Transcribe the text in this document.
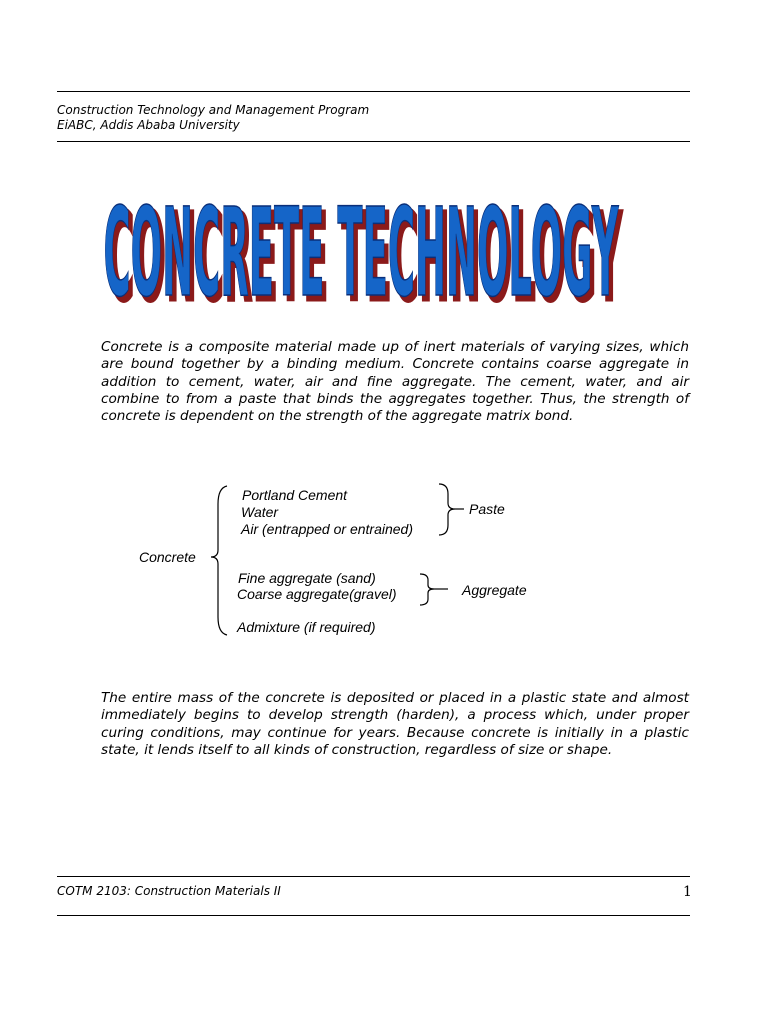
Construction Technology and Management Program
EiABC, Addis Ababa University
CONCRETE TECHNOLOGY
CONCRETE TECHNOLOGY
Concrete is a composite material made up of inert materials of varying sizes, which are bound together by a binding medium. Concrete contains coarse aggregate in addition to cement, water, air and fine aggregate. The cement, water, and air combine to from a paste that binds the aggregates together. Thus, the strength of concrete is dependent on the strength of the aggregate matrix bond.
Concrete
Portland Cement
Water
Air (entrapped or entrained)
Paste
Fine aggregate (sand)
Coarse aggregate(gravel)	Aggregate
Admixture (if required)
The entire mass of the concrete is deposited or placed in a plastic state and almost immediately begins to develop strength (harden), a process which, under proper curing conditions, may continue for years. Because concrete is initially in a plastic state, it lends itself to all kinds of construction, regardless of size or shape.
COTM 2103: Construction Materials II	1
